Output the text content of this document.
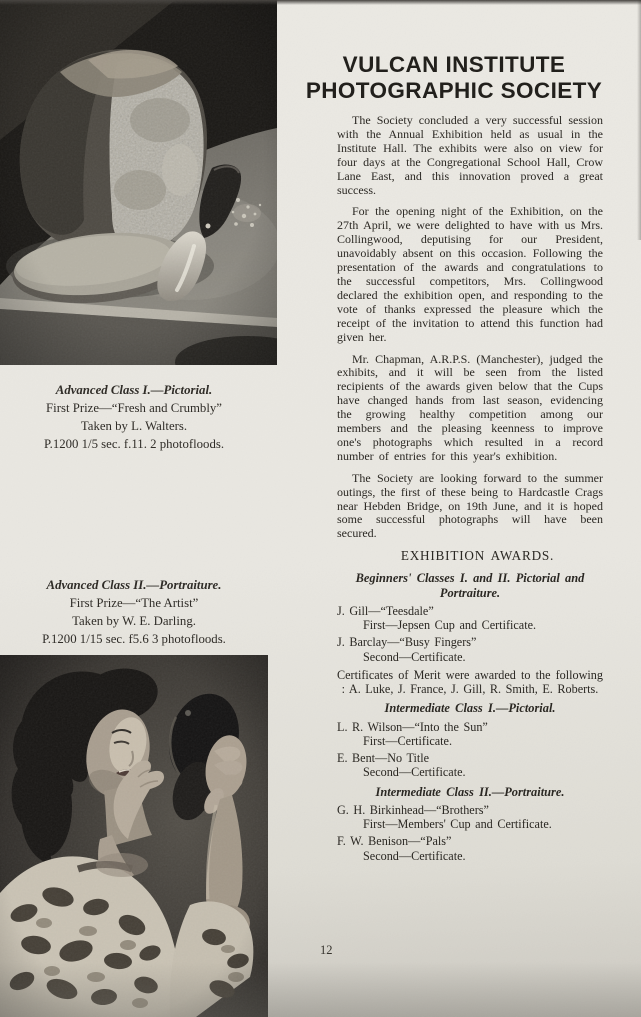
Advanced Class I.—Pictorial.
First Prize—“Fresh and Crumbly”
Taken by L. Walters.
P.1200 1/5 sec. f.11. 2 photofloods.
Advanced Class II.—Portraiture.
First Prize—“The Artist”
Taken by W. E. Darling.
P.1200 1/15 sec. f5.6 3 photofloods.
VULCAN INSTITUTE
PHOTOGRAPHIC SOCIETY

The Society concluded a very successful session with the Annual Exhibition held as usual in the Institute Hall. The exhibits were also on view for four days at the Congregational School Hall, Crow Lane East, and this innovation proved a great success.

For the opening night of the Exhibition, on the 27th April, we were delighted to have with us Mrs. Collingwood, deputising for our President, unavoidably absent on this occasion. Following the presentation of the awards and congratulations to the successful competitors, Mrs. Collingwood declared the exhibition open, and responding to the vote of thanks expressed the pleasure which the receipt of the invitation to attend this function had given her.

Mr. Chapman, A.R.P.S. (Manchester), judged the exhibits, and it will be seen from the listed recipients of the awards given below that the Cups have changed hands from last season, evidencing the growing healthy competition among our members and the pleasing keenness to improve one's photographs which resulted in a record number of entries for this year's exhibition.

The Society are looking forward to the summer outings, the first of these being to Hardcastle Crags near Hebden Bridge, on 19th June, and it is hoped some successful photographs will have been secured.

EXHIBITION AWARDS.

Beginners' Classes I. and II. Pictorial and Portraiture.
J. Gill—“Teesdale”
First—Jepsen Cup and Certificate.
J. Barclay—“Busy Fingers”
Second—Certificate.
Certificates of Merit were awarded to the following : A. Luke, J. France, J. Gill, R. Smith, E. Roberts.
Intermediate Class I.—Pictorial.
L. R. Wilson—“Into the Sun”
First—Certificate.
E. Bent—No Title
Second—Certificate.
Intermediate Class II.—Portraiture.
G. H. Birkinhead—“Brothers”
First—Members' Cup and Certificate.
F. W. Benison—“Pals”
Second—Certificate.
12
